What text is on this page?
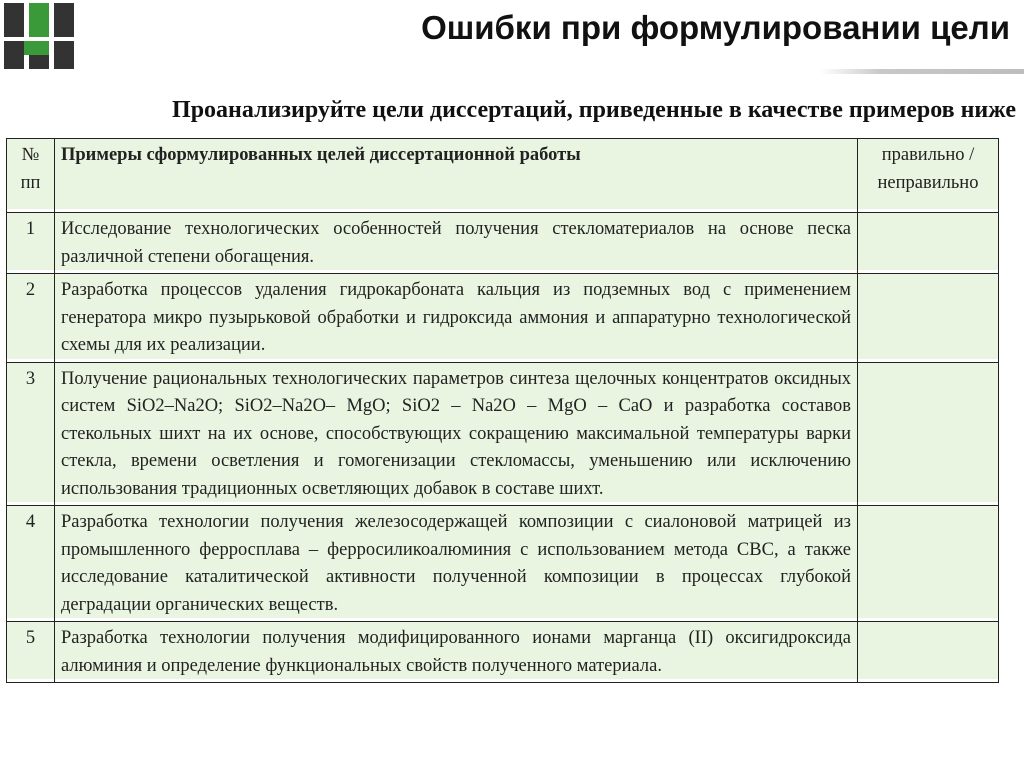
Ошибки при формулировании цели
Проанализируйте цели диссертаций, приведенные в качестве примеров ниже
№ пп	Примеры сформулированных целей диссертационной работы	правильно / неправильно
1	Исследование технологических особенностей получения стекломатериалов на основе песка различной степени обогащения.	
2	Разработка процессов удаления гидрокарбоната кальция из подземных вод с применением генератора микро пузырьковой обработки и гидроксида аммония и аппаратурно технологической схемы для их реализации.	
3	Получение рациональных технологических параметров синтеза щелочных концентратов оксидных систем SiO2–Na2O; SiO2–Na2O– MgO; SiO2 – Na2O – MgO – CaO и разработка составов стекольных шихт на их основе, способствующих сокращению максимальной температуры варки стекла, времени осветления и гомогенизации стекломассы, уменьшению или исключению использования традиционных осветляющих добавок в составе шихт.	
4	Разработка технологии получения железосодержащей композиции с сиалоновой матрицей из промышленного ферросплава – ферросиликоалюминия с использованием метода СВС, а также исследование каталитической активности полученной композиции в процессах глубокой деградации органических веществ.	
5	Разработка технологии получения модифицированного ионами марганца (II) оксигидроксида алюминия и определение функциональных свойств полученного материала.	
